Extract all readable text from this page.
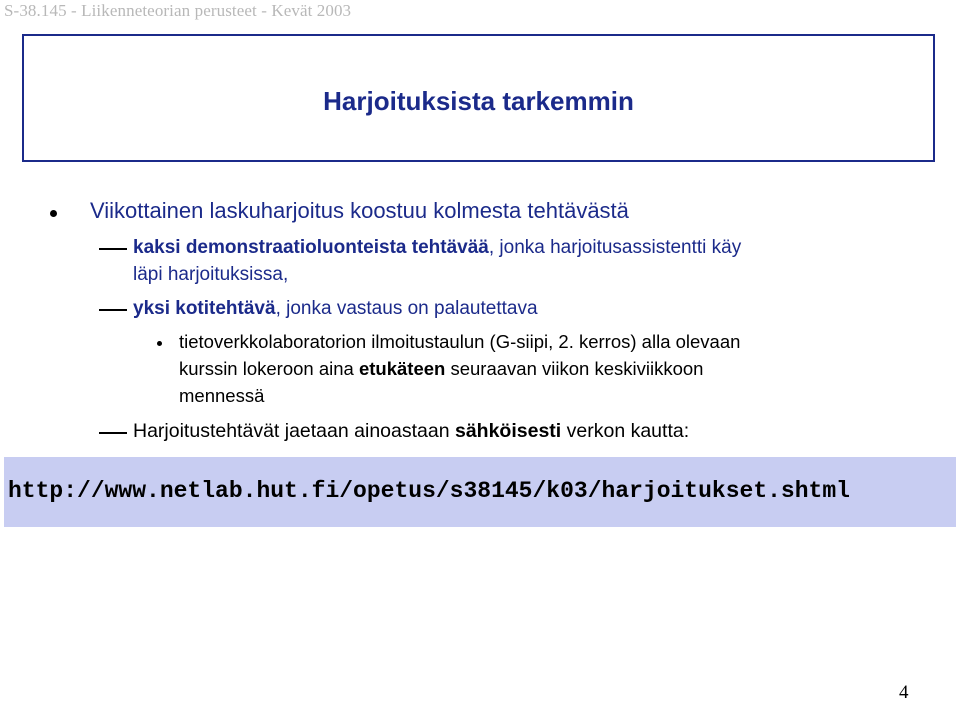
S-38.145 - Liikenneteorian perusteet - Kevät 2003
Harjoituksista tarkemmin
Viikottainen laskuharjoitus koostuu kolmesta tehtävästä
kaksi demonstraatioluonteista tehtävää, jonka harjoitusassistentti käy
läpi harjoituksissa,
yksi kotitehtävä, jonka vastaus on palautettava
tietoverkkolaboratorion ilmoitustaulun (G-siipi, 2. kerros) alla olevaan
kurssin lokeroon aina etukäteen seuraavan viikon keskiviikkoon
mennessä
Harjoitustehtävät jaetaan ainoastaan sähköisesti verkon kautta:
http://www.netlab.hut.fi/opetus/s38145/k03/harjoitukset.shtml
4
